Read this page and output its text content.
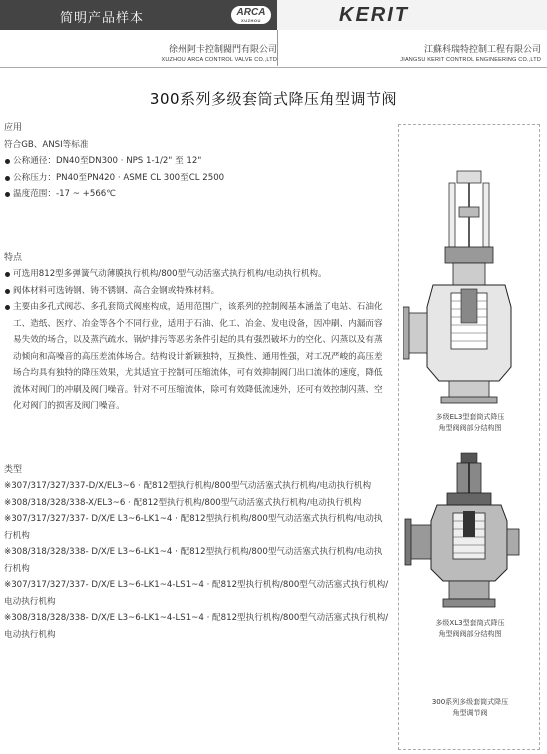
简明产品样本	ARCA
XUZHOU	KERIT
徐州阿卡控制閥門有限公司
XUZHOU ARCA CONTROL VALVE CO.,LTD
江蘇科瑞特控制工程有限公司
JIANGSU KERIT CONTROL ENGINEERING CO.,LTD
300系列多级套筒式降压角型调节阀
应用
符合GB、ANSI等标准
公称通径：DN40至DN300 · NPS 1-1/2" 至 12"
公称压力：PN40至PN420 · ASME CL 300至CL 2500
温度范围：-17 ~ +566℃
特点
可选用812型多弹簧气动薄膜执行机构/800型气动活塞式执行机构/电动执行机构。
阀体材料可选铸钢、铸不锈钢、高合金钢或特殊材料。
主要由多孔式阀芯、多孔套筒式阀座构成，适用范围广，该系列的控制阀基本涵盖了电站、石油化工、造纸、医疗、冶金等各个不同行业，适用于石油、化工、冶金、发电设备，因冲刷、内漏而容易失效的场合，以及蒸汽疏水、锅炉排污等恶劣条件引起的具有强烈破坏力的空化、闪蒸以及有蒸动倾向和高噪音的高压差流体场合。结构设计新颖独特，互换性、通用性强，对工况严峻的高压差场合均具有独特的降压效果，尤其适宜于控制可压缩流体，可有效抑制阀门出口流体的速度，降低流体对阀门的冲刷及阀门噪音。针对不可压缩流体，除可有效降低流速外，还可有效控制闪蒸、空化对阀门的损害及阀门噪音。
类型
※307/317/327/337-D/X/EL3~6 · 配812型执行机构/800型气动活塞式执行机构/电动执行机构
※308/318/328/338-X/EL3~6 · 配812型执行机构/800型气动活塞式执行机构/电动执行机构
※307/317/327/337- D/X/E L3~6-LK1~4 · 配812型执行机构/800型气动活塞式执行机构/电动执行机构
※308/318/328/338- D/X/E L3~6-LK1~4 · 配812型执行机构/800型气动活塞式执行机构/电动执行机构
※307/317/327/337- D/X/E L3~6-LK1~4-LS1~4 · 配812型执行机构/800型气动活塞式执行机构/电动执行机构
※308/318/328/338- D/X/E L3~6-LK1~4-LS1~4 · 配812型执行机构/800型气动活塞式执行机构/电动执行机构
多级EL3型套筒式降压
角型阀阀部分结构图
多级XL3型套筒式降压
角型阀阀部分结构图
300系列多级套筒式降压
角型调节阀
